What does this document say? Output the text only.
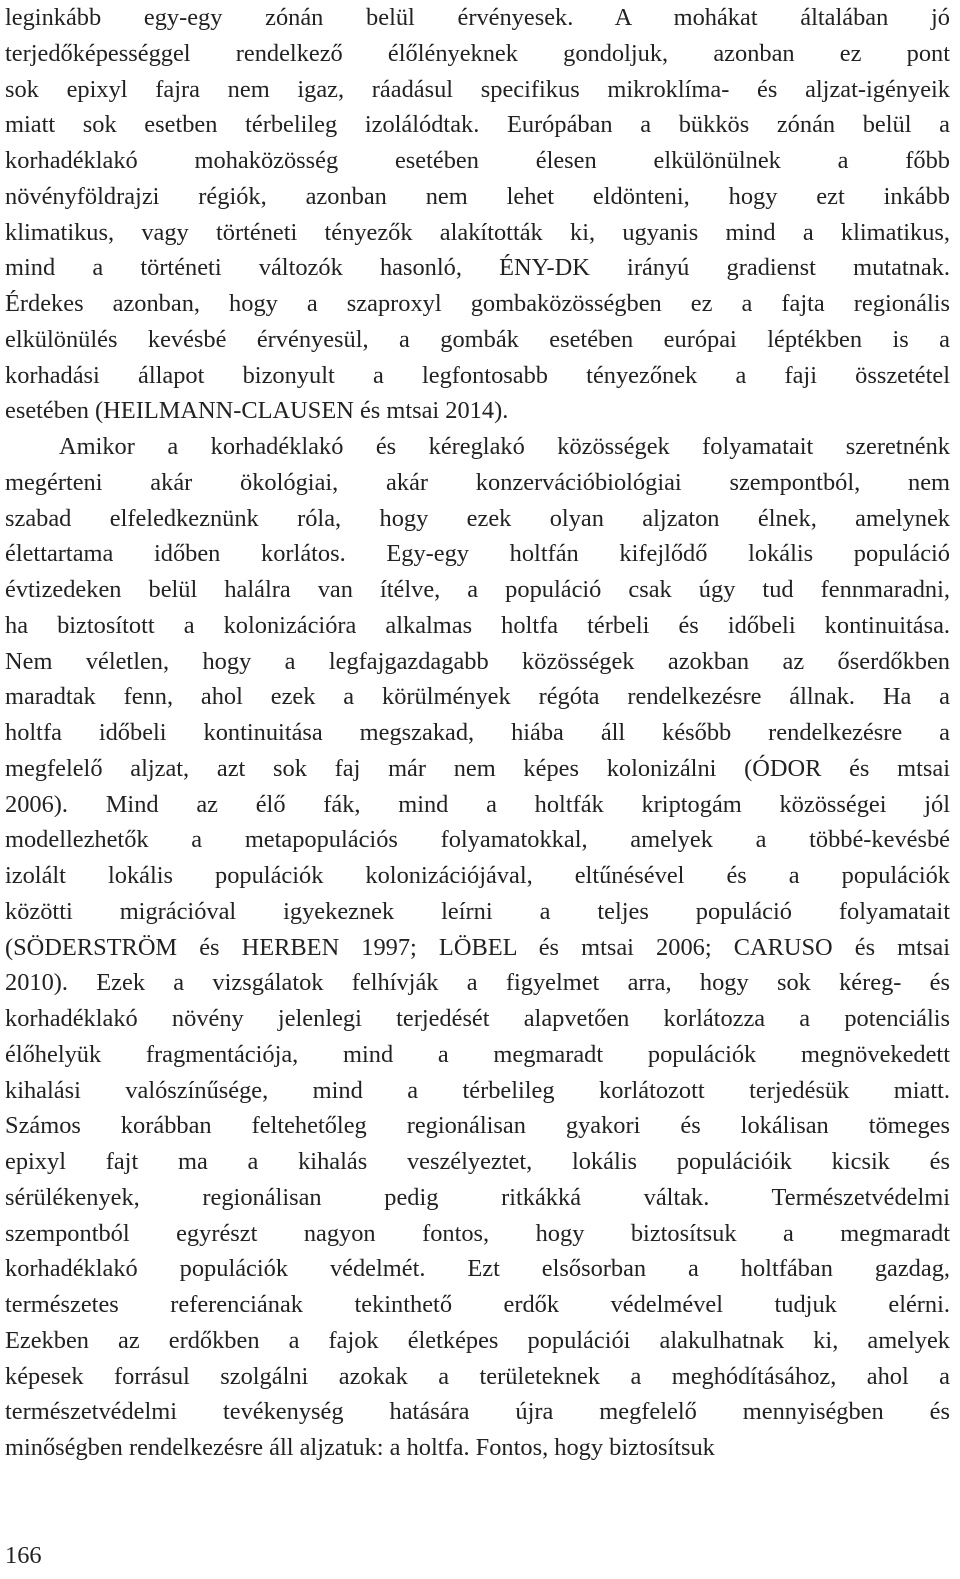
leginkább egy-egy zónán belül érvényesek. A mohákat általában jó
terjedőképességgel rendelkező élőlényeknek gondoljuk, azonban ez pont
sok epixyl fajra nem igaz, ráadásul specifikus mikroklíma- és aljzat-igényeik
miatt sok esetben térbelileg izolálódtak. Európában a bükkös zónán belül a
korhadéklakó mohaközösség esetében élesen elkülönülnek a főbb
növényföldrajzi régiók, azonban nem lehet eldönteni, hogy ezt inkább
klimatikus, vagy történeti tényezők alakították ki, ugyanis mind a klimatikus,
mind a történeti változók hasonló, ÉNY-DK irányú gradienst mutatnak.
Érdekes azonban, hogy a szaproxyl gombaközösségben ez a fajta regionális
elkülönülés kevésbé érvényesül, a gombák esetében európai léptékben is a
korhadási állapot bizonyult a legfontosabb tényezőnek a faji összetétel
esetében (HEILMANN-CLAUSEN és mtsai 2014).

Amikor a korhadéklakó és kéreglakó közösségek folyamatait szeretnénk
megérteni akár ökológiai, akár konzervációbiológiai szempontból, nem
szabad elfeledkeznünk róla, hogy ezek olyan aljzaton élnek, amelynek
élettartama időben korlátos. Egy-egy holtfán kifejlődő lokális populáció
évtizedeken belül halálra van ítélve, a populáció csak úgy tud fennmaradni,
ha biztosított a kolonizációra alkalmas holtfa térbeli és időbeli kontinuitása.
Nem véletlen, hogy a legfajgazdagabb közösségek azokban az őserdőkben
maradtak fenn, ahol ezek a körülmények régóta rendelkezésre állnak. Ha a
holtfa időbeli kontinuitása megszakad, hiába áll később rendelkezésre a
megfelelő aljzat, azt sok faj már nem képes kolonizálni (ÓDOR és mtsai
2006). Mind az élő fák, mind a holtfák kriptogám közösségei jól
modellezhetők a metapopulációs folyamatokkal, amelyek a többé-kevésbé
izolált lokális populációk kolonizációjával, eltűnésével és a populációk
közötti migrációval igyekeznek leírni a teljes populáció folyamatait
(SÖDERSTRÖM és HERBEN 1997; LÖBEL és mtsai 2006; CARUSO és mtsai
2010). Ezek a vizsgálatok felhívják a figyelmet arra, hogy sok kéreg- és
korhadéklakó növény jelenlegi terjedését alapvetően korlátozza a potenciális
élőhelyük fragmentációja, mind a megmaradt populációk megnövekedett
kihalási valószínűsége, mind a térbelileg korlátozott terjedésük miatt.
Számos korábban feltehetőleg regionálisan gyakori és lokálisan tömeges
epixyl fajt ma a kihalás veszélyeztet, lokális populációik kicsik és
sérülékenyek, regionálisan pedig ritkákká váltak. Természetvédelmi
szempontból egyrészt nagyon fontos, hogy biztosítsuk a megmaradt
korhadéklakó populációk védelmét. Ezt elsősorban a holtfában gazdag,
természetes referenciának tekinthető erdők védelmével tudjuk elérni.
Ezekben az erdőkben a fajok életképes populációi alakulhatnak ki, amelyek
képesek forrásul szolgálni azokak a területeknek a meghódításához, ahol a
természetvédelmi tevékenység hatására újra megfelelő mennyiségben és
minőségben rendelkezésre áll aljzatuk: a holtfa. Fontos, hogy biztosítsuk

166
